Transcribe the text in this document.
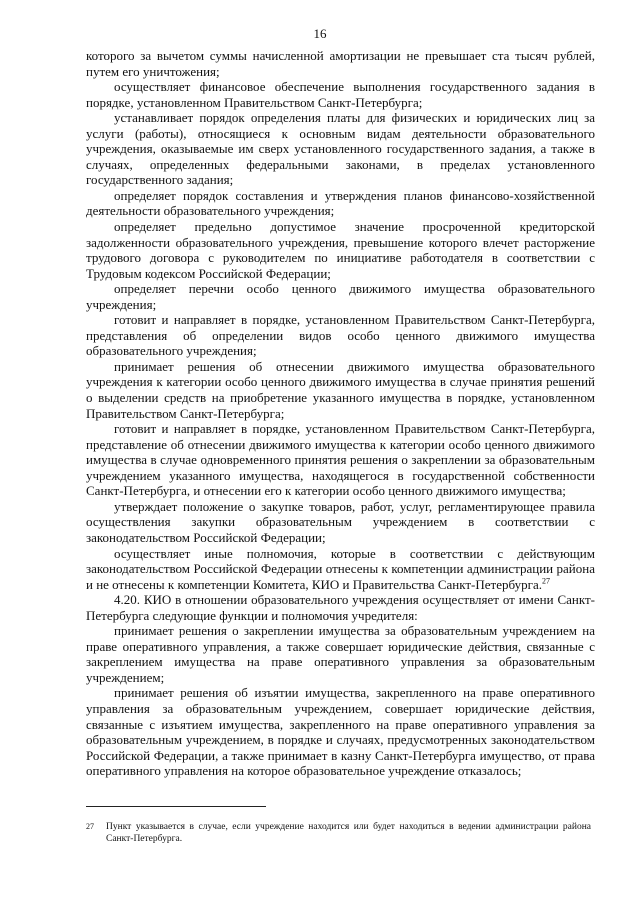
16

которого за вычетом суммы начисленной амортизации не превышает ста тысяч рублей, путем его уничтожения;

осуществляет финансовое обеспечение выполнения государственного задания в порядке, установленном Правительством Санкт-Петербурга;

устанавливает порядок определения платы для физических и юридических лиц за услуги (работы), относящиеся к основным видам деятельности образовательного учреждения, оказываемые им сверх установленного государственного задания, а также в случаях, определенных федеральными законами, в пределах установленного государственного задания;

определяет порядок составления и утверждения планов финансово-хозяйственной деятельности образовательного учреждения;

определяет предельно допустимое значение просроченной кредиторской задолженности образовательного учреждения, превышение которого влечет расторжение трудового договора с руководителем по инициативе работодателя в соответствии с Трудовым кодексом Российской Федерации;

определяет перечни особо ценного движимого имущества образовательного учреждения;

готовит и направляет в порядке, установленном Правительством Санкт-Петербурга, представления об определении видов особо ценного движимого имущества образовательного учреждения;

принимает решения об отнесении движимого имущества образовательного учреждения к категории особо ценного движимого имущества в случае принятия решений о выделении средств на приобретение указанного имущества в порядке, установленном Правительством Санкт-Петербурга;

готовит и направляет в порядке, установленном Правительством Санкт-Петербурга, представление об отнесении движимого имущества к категории особо ценного движимого имущества в случае одновременного принятия решения о закреплении за образовательным учреждением указанного имущества, находящегося в государственной собственности Санкт-Петербурга, и отнесении его к категории особо ценного движимого имущества;

утверждает положение о закупке товаров, работ, услуг, регламентирующее правила осуществления закупки образовательным учреждением в соответствии с законодательством Российской Федерации;

осуществляет иные полномочия, которые в соответствии с действующим законодательством Российской Федерации отнесены к компетенции администрации района и не отнесены к компетенции Комитета, КИО и Правительства Санкт-Петербурга.$^{27}$

4.20. КИО в отношении образовательного учреждения осуществляет от имени Санкт-Петербурга следующие функции и полномочия учредителя:

принимает решения о закреплении имущества за образовательным учреждением на праве оперативного управления, а также совершает юридические действия, связанные с закреплением имущества на праве оперативного управления за образовательным учреждением;

принимает решения об изъятии имущества, закрепленного на праве оперативного управления за образовательным учреждением, совершает юридические действия, связанные с изъятием имущества, закрепленного на праве оперативного управления за образовательным учреждением, в порядке и случаях, предусмотренных законодательством Российской Федерации, а также принимает в казну Санкт-Петербурга имущество, от права оперативного управления на которое образовательное учреждение отказалось;

27 Пункт указывается в случае, если учреждение находится или будет находиться в ведении администрации района Санкт-Петербурга.
